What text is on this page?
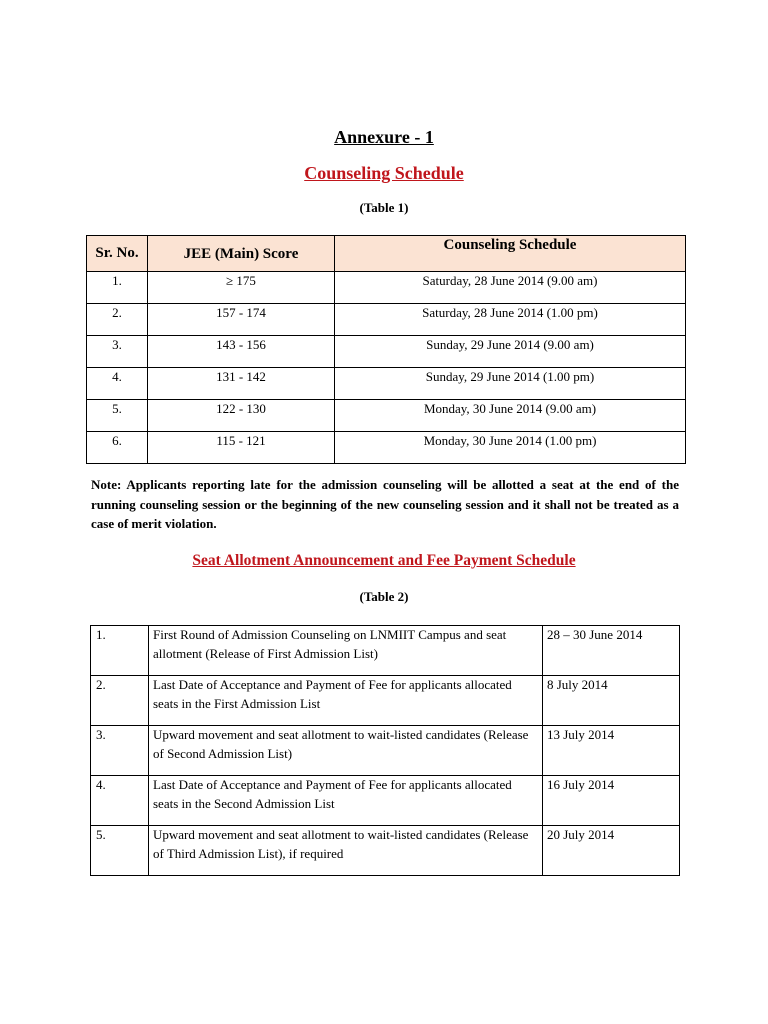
Annexure - 1
Counseling Schedule
(Table 1)
Sr. No.	JEE (Main) Score	Counseling Schedule
1.	≥ 175	Saturday, 28 June 2014 (9.00 am)
2.	157 - 174	Saturday, 28 June 2014 (1.00 pm)
3.	143 - 156	Sunday, 29 June 2014 (9.00 am)
4.	131 - 142	Sunday, 29 June 2014 (1.00 pm)
5.	122 - 130	Monday, 30 June 2014 (9.00 am)
6.	115 - 121	Monday, 30 June 2014 (1.00 pm)
Note: Applicants reporting late for the admission counseling will be allotted a seat at the end of the running counseling session or the beginning of the new counseling session and it shall not be treated as a case of merit violation.
Seat Allotment Announcement and Fee Payment Schedule
(Table 2)
1.	First Round of Admission Counseling on LNMIIT Campus and seat allotment (Release of First Admission List)	28 – 30 June 2014
2.	Last Date of Acceptance and Payment of Fee for applicants allocated seats in the First Admission List	8 July 2014
3.	Upward movement and seat allotment to wait-listed candidates (Release of Second Admission List)	13 July 2014
4.	Last Date of Acceptance and Payment of Fee for applicants allocated seats in the Second Admission List	16 July 2014
5.	Upward movement and seat allotment to wait-listed candidates (Release of Third Admission List), if required	20 July 2014
